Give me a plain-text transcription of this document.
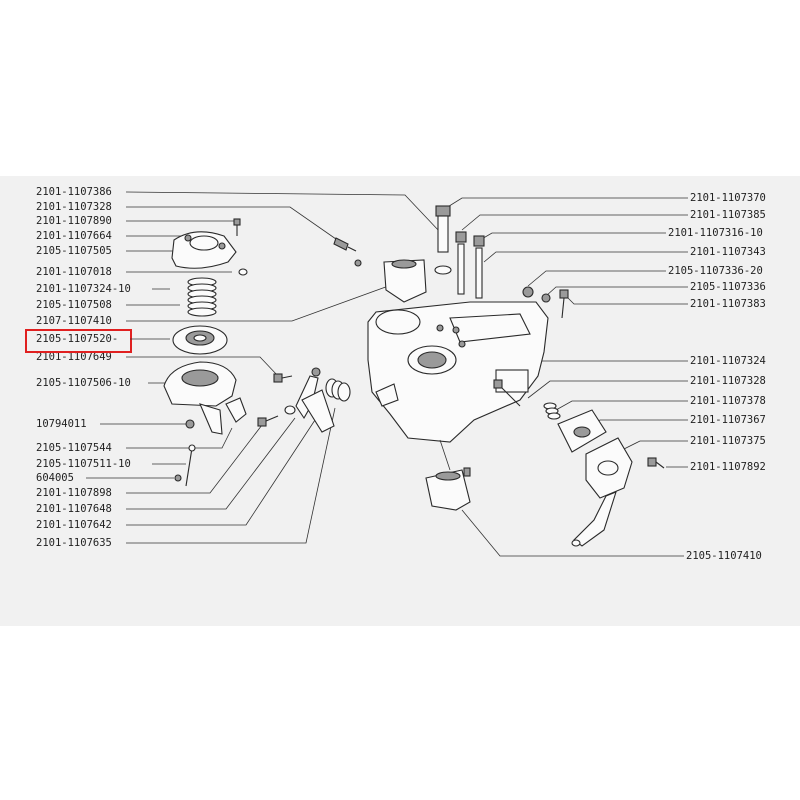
2101-1107386
2101-1107328
2101-1107890
2101-1107664
2105-1107505
2101-1107018
2101-1107324-10
2105-1107508
2107-1107410
2105-1107520-
2101-1107649
2105-1107506-10
10794011
2105-1107544
2105-1107511-10
604005
2101-1107898
2101-1107648
2101-1107642
2101-1107635
2101-1107370
2101-1107385
2101-1107316-10
2101-1107343
2105-1107336-20
2105-1107336
2101-1107383
2101-1107324
2101-1107328
2101-1107378
2101-1107367
2101-1107375
2101-1107892
2105-1107410
